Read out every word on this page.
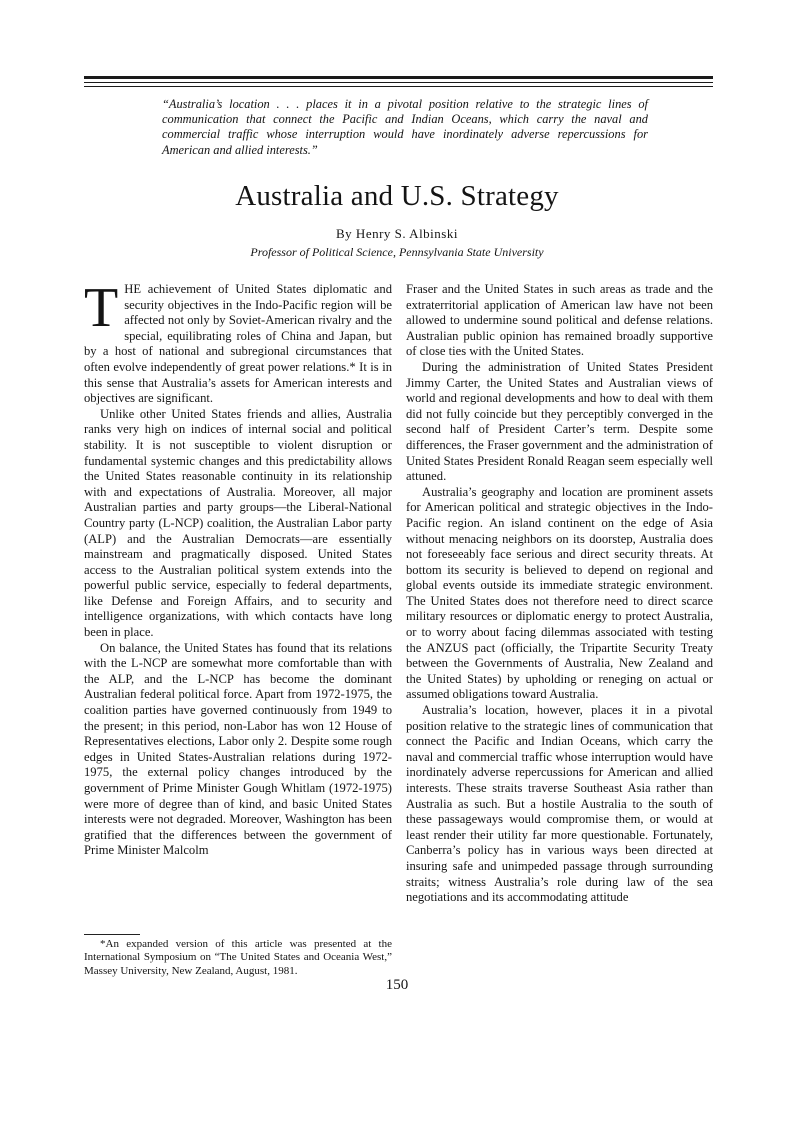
“Australia’s location . . . places it in a pivotal position relative to the strategic lines of communication that connect the Pacific and Indian Oceans, which carry the naval and commercial traffic whose interruption would have inordinately adverse repercussions for American and allied interests.”

Australia and U.S. Strategy

By Henry S. Albinski

Professor of Political Science, Pennsylvania State University

THE achievement of United States diplomatic and security objectives in the Indo-Pacific region will be affected not only by Soviet-American rivalry and the special, equilibrating roles of China and Japan, but by a host of national and subregional circumstances that often evolve independently of great power relations.* It is in this sense that Australia’s assets for American interests and objectives are significant.

Unlike other United States friends and allies, Australia ranks very high on indices of internal social and political stability. It is not susceptible to violent disruption or fundamental systemic changes and this predictability allows the United States reasonable continuity in its relationship with and expectations of Australia. Moreover, all major Australian parties and party groups—the Liberal-National Country party (L-NCP) coalition, the Australian Labor party (ALP) and the Australian Democrats—are essentially mainstream and pragmatically disposed. United States access to the Australian political system extends into the powerful public service, especially to federal departments, like Defense and Foreign Affairs, and to security and intelligence organizations, with which contacts have long been in place.

On balance, the United States has found that its relations with the L-NCP are somewhat more comfortable than with the ALP, and the L-NCP has become the dominant Australian federal political force. Apart from 1972-1975, the coalition parties have governed continuously from 1949 to the present; in this period, non-Labor has won 12 House of Representatives elections, Labor only 2. Despite some rough edges in United States-Australian relations during 1972-1975, the external policy changes introduced by the government of Prime Minister Gough Whitlam (1972-1975) were more of degree than of kind, and basic United States interests were not degraded. Moreover, Washington has been gratified that the differences between the government of Prime Minister Malcolm

Fraser and the United States in such areas as trade and the extraterritorial application of American law have not been allowed to undermine sound political and defense relations. Australian public opinion has remained broadly supportive of close ties with the United States.

During the administration of United States President Jimmy Carter, the United States and Australian views of world and regional developments and how to deal with them did not fully coincide but they perceptibly converged in the second half of President Carter’s term. Despite some differences, the Fraser government and the administration of United States President Ronald Reagan seem especially well attuned.

Australia’s geography and location are prominent assets for American political and strategic objectives in the Indo-Pacific region. An island continent on the edge of Asia without menacing neighbors on its doorstep, Australia does not foreseeably face serious and direct security threats. At bottom its security is believed to depend on regional and global events outside its immediate strategic environment. The United States does not therefore need to direct scarce military resources or diplomatic energy to protect Australia, or to worry about facing dilemmas associated with testing the ANZUS pact (officially, the Tripartite Security Treaty between the Governments of Australia, New Zealand and the United States) by upholding or reneging on actual or assumed obligations toward Australia.

Australia’s location, however, places it in a pivotal position relative to the strategic lines of communication that connect the Pacific and Indian Oceans, which carry the naval and commercial traffic whose interruption would have inordinately adverse repercussions for American and allied interests. These straits traverse Southeast Asia rather than Australia as such. But a hostile Australia to the south of these passageways would compromise them, or would at least render their utility far more questionable. Fortunately, Canberra’s policy has in various ways been directed at insuring safe and unimpeded passage through surrounding straits; witness Australia’s role during law of the sea negotiations and its accommodating attitude

*An expanded version of this article was presented at the International Symposium on “The United States and Oceania West,” Massey University, New Zealand, August, 1981.

150
